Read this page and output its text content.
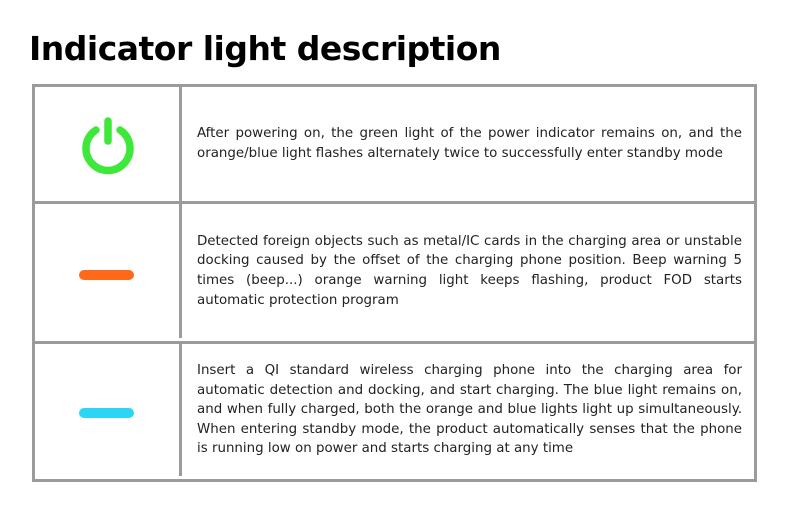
Indicator light description

After powering on, the green light of the power indicator remains on, and the orange/blue light flashes alternately twice to successfully enter standby mode

Detected foreign objects such as metal/IC cards in the charging area or unstable docking caused by the offset of the charging phone position. Beep warning 5 times (beep...) orange warning light keeps flashing, product FOD starts automatic protection program

Insert a QI standard wireless charging phone into the charging area for automatic detection and docking, and start charging. The blue light remains on, and when fully charged, both the orange and blue lights light up simultaneously. When entering standby mode, the product automatically senses that the phone is running low on power and starts charging at any time
